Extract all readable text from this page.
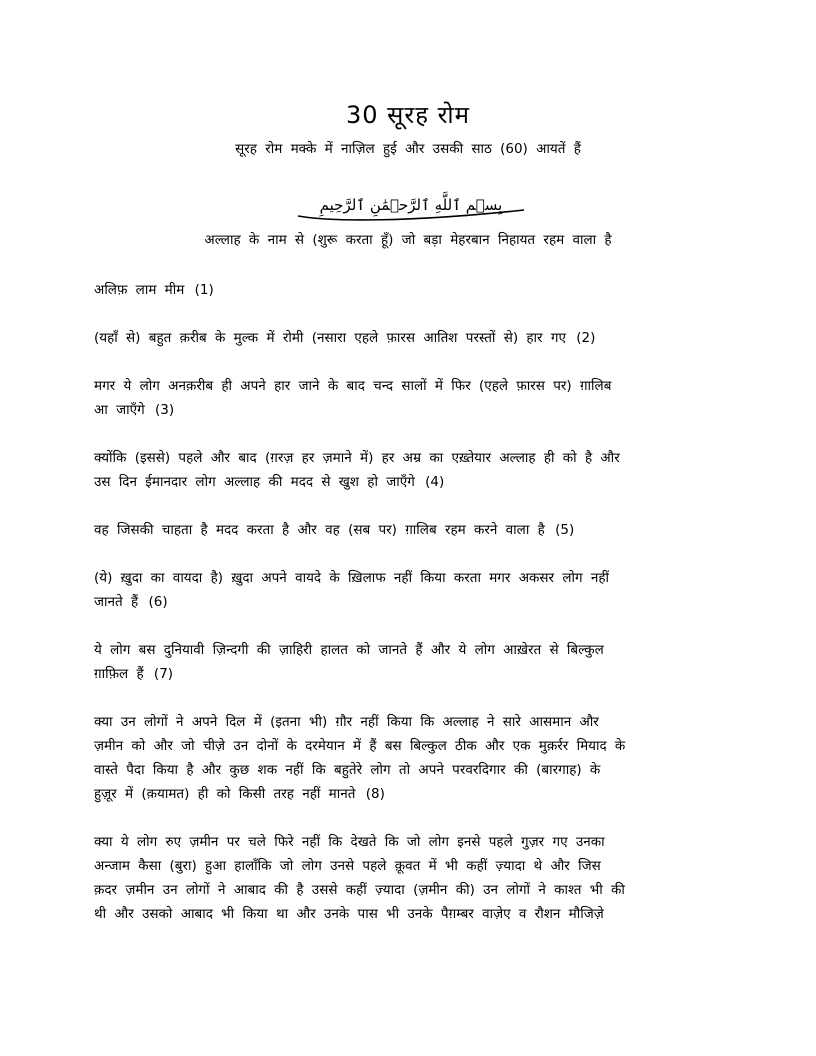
30 सूरह रोम
सूरह रोम मक्के में नाज़िल हुई और उसकी साठ (60) आयतें हैं
بِسۡمِ ٱللَّهِ ٱلرَّحۡمَٰنِ ٱلرَّحِيمِ
अल्लाह के नाम से (शुरू करता हूँ) जो बड़ा मेहरबान निहायत रहम वाला है
अलिफ़ लाम मीम (1)
(यहाँ से) बहुत क़रीब के मुल्क में रोमी (नसारा एहले फ़ारस आतिश परस्तों से) हार गए (2)
मगर ये लोग अनक़रीब ही अपने हार जाने के बाद चन्द सालों में फिर (एहले फ़ारस पर) ग़ालिब
आ जाएँगे (3)
क्योंकि (इससे) पहले और बाद (ग़रज़ हर ज़माने में) हर अम्र का एख़्तेयार अल्लाह ही को है और
उस दिन ईमानदार लोग अल्लाह की मदद से खुश हो जाएँगे (4)
वह जिसकी चाहता है मदद करता है और वह (सब पर) ग़ालिब रहम करने वाला है (5)
(ये) ख़ुदा का वायदा है) ख़ुदा अपने वायदे के ख़िलाफ नहीं किया करता मगर अकसर लोग नहीं
जानते हैं (6)
ये लोग बस दुनियावी ज़िन्दगी की ज़ाहिरी हालत को जानते हैं और ये लोग आख़ेरत से बिल्कुल
ग़ाफ़िल हैं (7)
क्या उन लोगों ने अपने दिल में (इतना भी) ग़ौर नहीं किया कि अल्लाह ने सारे आसमान और
ज़मीन को और जो चीज़े उन दोनों के दरमेयान में हैं बस बिल्कुल ठीक और एक मुक़र्रर मियाद के
वास्ते पैदा किया है और कुछ शक नहीं कि बहुतेरे लोग तो अपने परवरदिगार की (बारगाह) के
हुज़ूर में (क़यामत) ही को किसी तरह नहीं मानते (8)
क्या ये लोग रुए ज़मीन पर चले फिरे नहीं कि देखते कि जो लोग इनसे पहले गुज़र गए उनका
अन्जाम कैसा (बुरा) हुआ हालाँकि जो लोग उनसे पहले क़ूवत में भी कहीं ज़्यादा थे और जिस
क़दर ज़मीन उन लोगों ने आबाद की है उससे कहीं ज़्यादा (ज़मीन की) उन लोगों ने काश्त भी की
थी और उसको आबाद भी किया था और उनके पास भी उनके पैग़म्बर वाज़ेए व रौशन मौजिज़े
